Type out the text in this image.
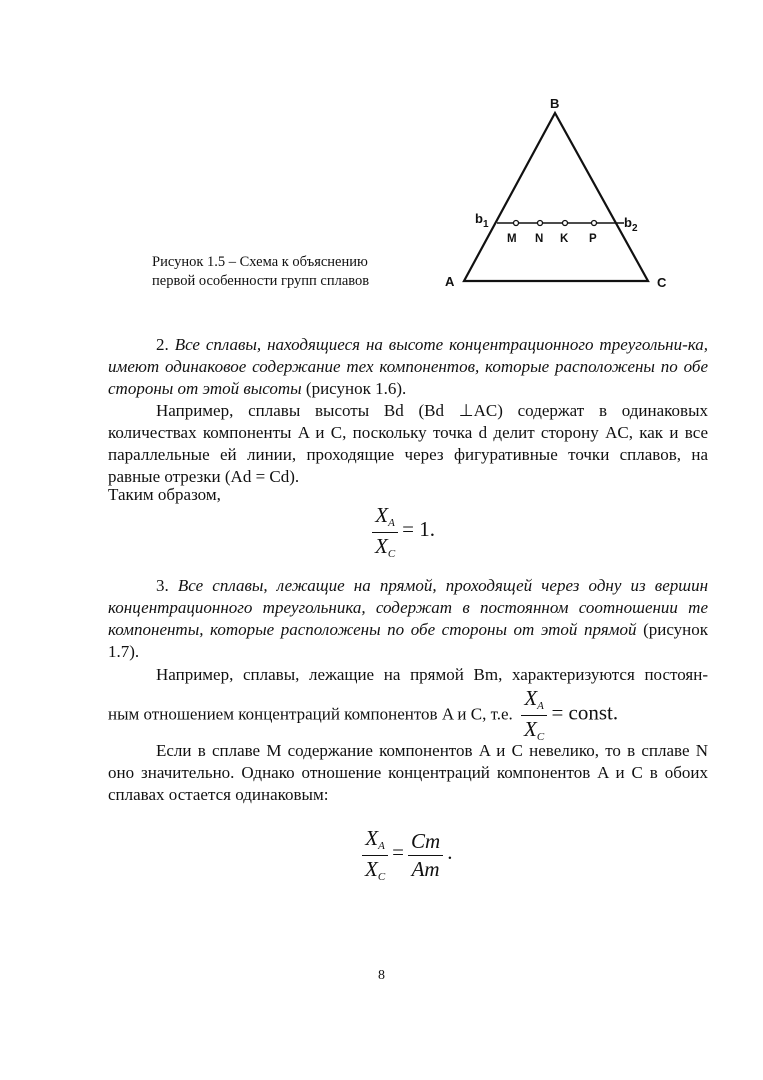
Рисунок 1.5 – Схема к объяснению
первой особенности групп сплавов
B
A	C
$b_1$	$b_2$
M N K P
2. Все сплавы, находящиеся на высоте концентрационного треугольни-ка, имеют одинаковое содержание тех компонентов, которые расположены по обе стороны от этой высоты (рисунок 1.6).
Например, сплавы высоты Bd (Bd ⊥AC) содержат в одинаковых количествах компоненты A и C, поскольку точка d делит сторону AC, как и все параллельные ей линии, проходящие через фигуративные точки сплавов, на равные отрезки (Ad = Cd).
Таким образом,
$\frac{X_A}{X_C} = 1$.
3. Все сплавы, лежащие на прямой, проходящей через одну из вершин концентрационного треугольника, содержат в постоянном соотношении те компоненты, которые расположены по обе стороны от этой прямой (рисунок 1.7).
Например, сплавы, лежащие на прямой Bm, характеризуются постоян-
ным отношением концентраций компонентов A и C, т.е. $\frac{X_A}{X_C}$ = const.
Если в сплаве M содержание компонентов A и C невелико, то в сплаве N оно значительно. Однако отношение концентраций компонентов A и C в обоих сплавах остается одинаковым:
$\frac{X_A}{X_C} = \frac{Cm}{Am}$ .
8
